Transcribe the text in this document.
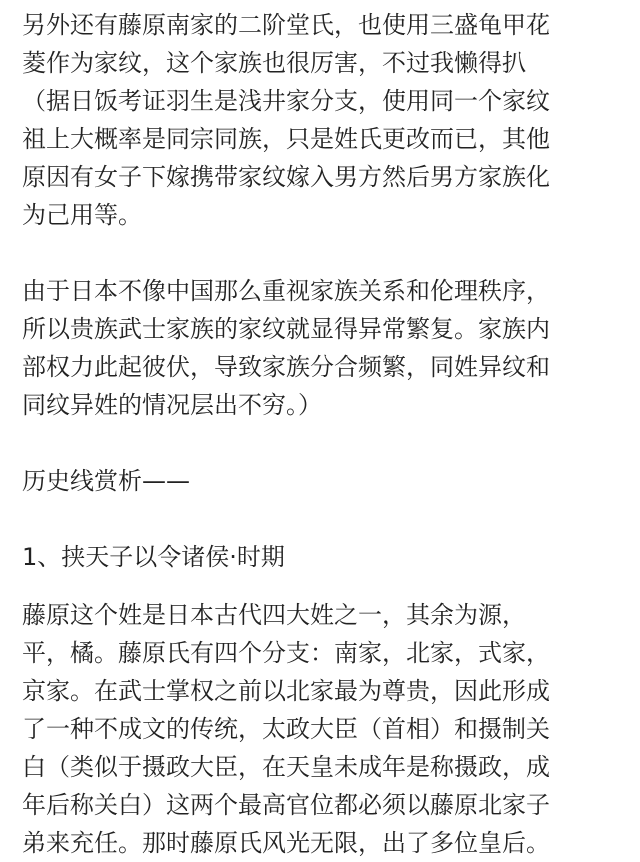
另外还有藤原南家的二阶堂氏，也使用三盛龟甲花
菱作为家纹，这个家族也很厉害，不过我懒得扒
（据日饭考证羽生是浅井家分支，使用同一个家纹
祖上大概率是同宗同族，只是姓氏更改而已，其他
原因有女子下嫁携带家纹嫁入男方然后男方家族化
为己用等。
由于日本不像中国那么重视家族关系和伦理秩序，
所以贵族武士家族的家纹就显得异常繁复。家族内
部权力此起彼伏，导致家族分合频繁，同姓异纹和
同纹异姓的情况层出不穷。）
历史线赏析——
1、挟天子以令诸侯·时期
藤原这个姓是日本古代四大姓之一，其余为源，
平，橘。藤原氏有四个分支：南家，北家，式家，
京家。在武士掌权之前以北家最为尊贵，因此形成
了一种不成文的传统，太政大臣（首相）和摄制关
白（类似于摄政大臣，在天皇未成年是称摄政，成
年后称关白）这两个最高官位都必须以藤原北家子
弟来充任。那时藤原氏风光无限，出了多位皇后。
